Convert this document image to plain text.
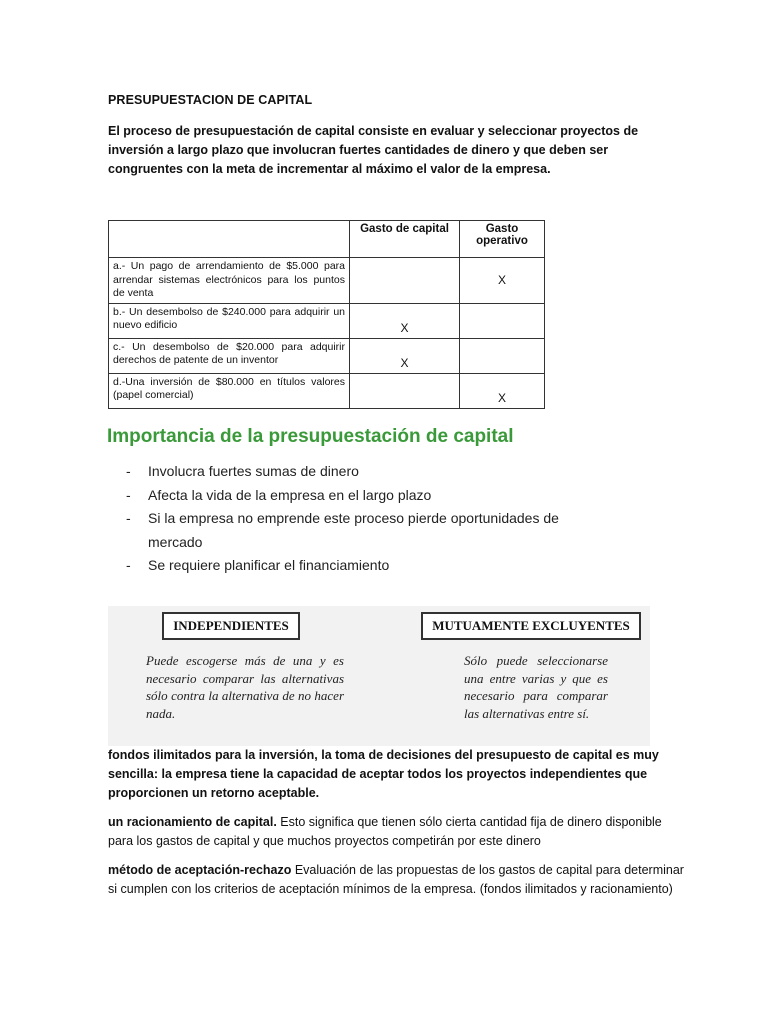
PRESUPUESTACION DE CAPITAL
El proceso de presupuestación de capital consiste en evaluar y seleccionar proyectos de inversión a largo plazo que involucran fuertes cantidades de dinero y que deben ser congruentes con la meta de incrementar al máximo el valor de la empresa.
	Gasto de capital	Gasto operativo
a.- Un pago de arrendamiento de $5.000 para arrendar sistemas electrónicos para los puntos de venta		X
b.- Un desembolso de $240.000 para adquirir un nuevo edificio	X	
c.- Un desembolso de $20.000 para adquirir derechos de patente de un inventor	X	
d.-Una inversión de $80.000 en títulos valores (papel comercial)		X
Importancia de la presupuestación de capital
- Involucra fuertes sumas de dinero
- Afecta la vida de la empresa en el largo plazo
- Si la empresa no emprende este proceso pierde oportunidades de mercado
- Se requiere planificar el financiamiento
INDEPENDIENTES	MUTUAMENTE EXCLUYENTES
Puede escogerse más de una y es necesario comparar las alternativas sólo contra la alternativa de no hacer nada.
Sólo puede seleccionarse una entre varias y que es necesario para comparar las alternativas entre sí.
fondos ilimitados para la inversión, la toma de decisiones del presupuesto de capital es muy sencilla: la empresa tiene la capacidad de aceptar todos los proyectos independientes que proporcionen un retorno aceptable.
un racionamiento de capital. Esto significa que tienen sólo cierta cantidad fija de dinero disponible para los gastos de capital y que muchos proyectos competirán por este dinero
método de aceptación-rechazo Evaluación de las propuestas de los gastos de capital para determinar si cumplen con los criterios de aceptación mínimos de la empresa. (fondos ilimitados y racionamiento)
